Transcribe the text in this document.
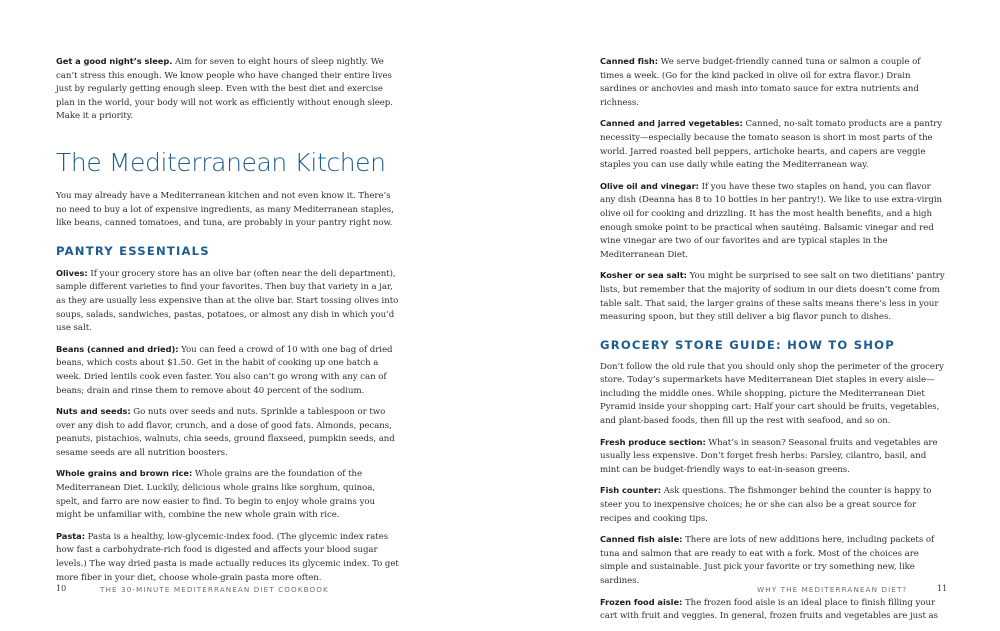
Get a good night’s sleep. Aim for seven to eight hours of sleep nightly. We can’t stress this enough. We know people who have changed their entire lives just by regularly getting enough sleep. Even with the best diet and exercise plan in the world, your body will not work as efficiently without enough sleep. Make it a priority.

The Mediterranean Kitchen

You may already have a Mediterranean kitchen and not even know it. There’s no need to buy a lot of expensive ingredients, as many Mediterranean staples, like beans, canned tomatoes, and tuna, are probably in your pantry right now.

PANTRY ESSENTIALS

Olives: If your grocery store has an olive bar (often near the deli department), sample different varieties to find your favorites. Then buy that variety in a jar, as they are usually less expensive than at the olive bar. Start tossing olives into soups, salads, sandwiches, pastas, potatoes, or almost any dish in which you’d use salt.

Beans (canned and dried): You can feed a crowd of 10 with one bag of dried beans, which costs about $1.50. Get in the habit of cooking up one batch a week. Dried lentils cook even faster. You also can’t go wrong with any can of beans; drain and rinse them to remove about 40 percent of the sodium.

Nuts and seeds: Go nuts over seeds and nuts. Sprinkle a tablespoon or two over any dish to add flavor, crunch, and a dose of good fats. Almonds, pecans, peanuts, pistachios, walnuts, chia seeds, ground flaxseed, pumpkin seeds, and sesame seeds are all nutrition boosters.

Whole grains and brown rice: Whole grains are the foundation of the Mediterranean Diet. Luckily, delicious whole grains like sorghum, quinoa, spelt, and farro are now easier to find. To begin to enjoy whole grains you might be unfamiliar with, combine the new whole grain with rice.

Pasta: Pasta is a healthy, low-glycemic-index food. (The glycemic index rates how fast a carbohydrate-rich food is digested and affects your blood sugar levels.) The way dried pasta is made actually reduces its glycemic index. To get more fiber in your diet, choose whole-grain pasta more often.

10	THE 30-MINUTE MEDITERRANEAN DIET COOKBOOK

Canned fish: We serve budget-friendly canned tuna or salmon a couple of times a week. (Go for the kind packed in olive oil for extra flavor.) Drain sardines or anchovies and mash into tomato sauce for extra nutrients and richness.

Canned and jarred vegetables: Canned, no-salt tomato products are a pantry necessity—especially because the tomato season is short in most parts of the world. Jarred roasted bell peppers, artichoke hearts, and capers are veggie staples you can use daily while eating the Mediterranean way.

Olive oil and vinegar: If you have these two staples on hand, you can flavor any dish (Deanna has 8 to 10 bottles in her pantry!). We like to use extra-virgin olive oil for cooking and drizzling. It has the most health benefits, and a high enough smoke point to be practical when sautéing. Balsamic vinegar and red wine vinegar are two of our favorites and are typical staples in the Mediterranean Diet.

Kosher or sea salt: You might be surprised to see salt on two dietitians’ pantry lists, but remember that the majority of sodium in our diets doesn’t come from table salt. That said, the larger grains of these salts means there’s less in your measuring spoon, but they still deliver a big flavor punch to dishes.

GROCERY STORE GUIDE: HOW TO SHOP

Don’t follow the old rule that you should only shop the perimeter of the grocery store. Today’s supermarkets have Mediterranean Diet staples in every aisle—including the middle ones. While shopping, picture the Mediterranean Diet Pyramid inside your shopping cart: Half your cart should be fruits, vegetables, and plant-based foods, then fill up the rest with seafood, and so on.

Fresh produce section: What’s in season? Seasonal fruits and vegetables are usually less expensive. Don’t forget fresh herbs: Parsley, cilantro, basil, and mint can be budget-friendly ways to eat-in-season greens.

Fish counter: Ask questions. The fishmonger behind the counter is happy to steer you to inexpensive choices; he or she can also be a great source for recipes and cooking tips.

Canned fish aisle: There are lots of new additions here, including packets of tuna and salmon that are ready to eat with a fork. Most of the choices are simple and sustainable. Just pick your favorite or try something new, like sardines.

Frozen food aisle: The frozen food aisle is an ideal place to finish filling your cart with fruit and veggies. In general, frozen fruits and vegetables are just as

WHY THE MEDITERRANEAN DIET?	11
